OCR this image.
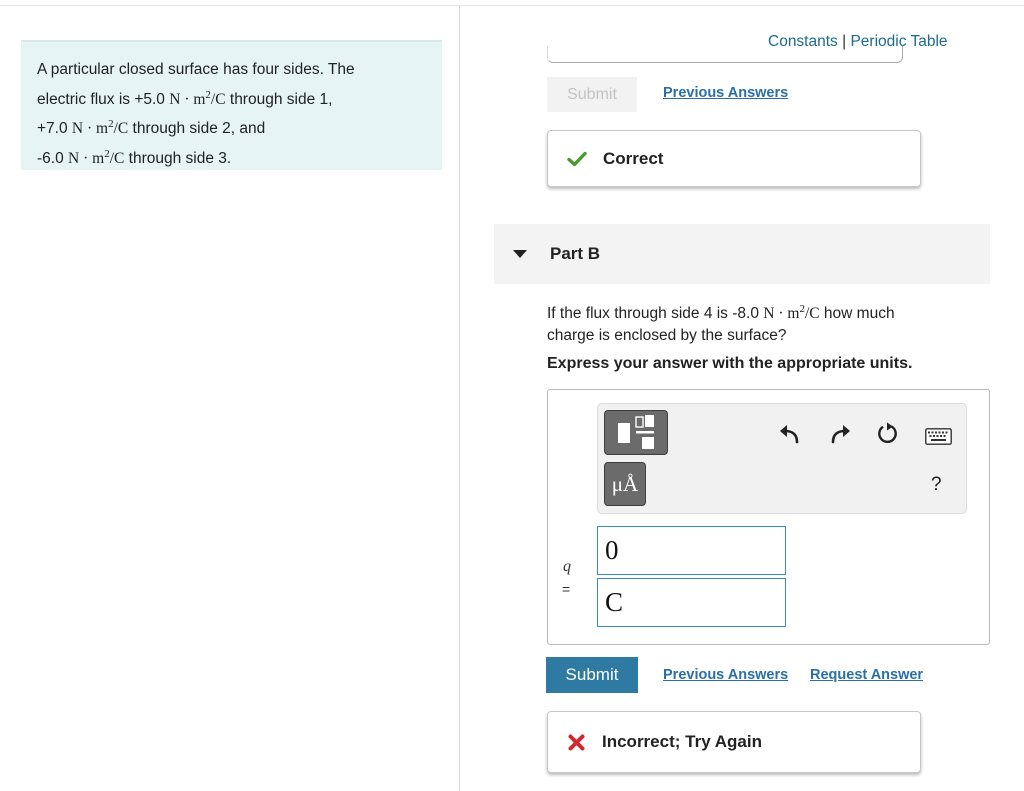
A particular closed surface has four sides. The
electric flux is +5.0 $N \cdot m^2/C$ through side 1,
+7.0 $N \cdot m^2/C$ through side 2, and
-6.0 $N \cdot m^2/C$ through side 3.
Constants | Periodic Table
Submit	Previous Answers
Correct
Part B
If the flux through side 4 is -8.0 $N \cdot m^2/C$ how much
charge is enclosed by the surface?
Express your answer with the appropriate units.
μÅ	?
q
=
0
C
Submit	Previous Answers Request Answer
Incorrect; Try Again
